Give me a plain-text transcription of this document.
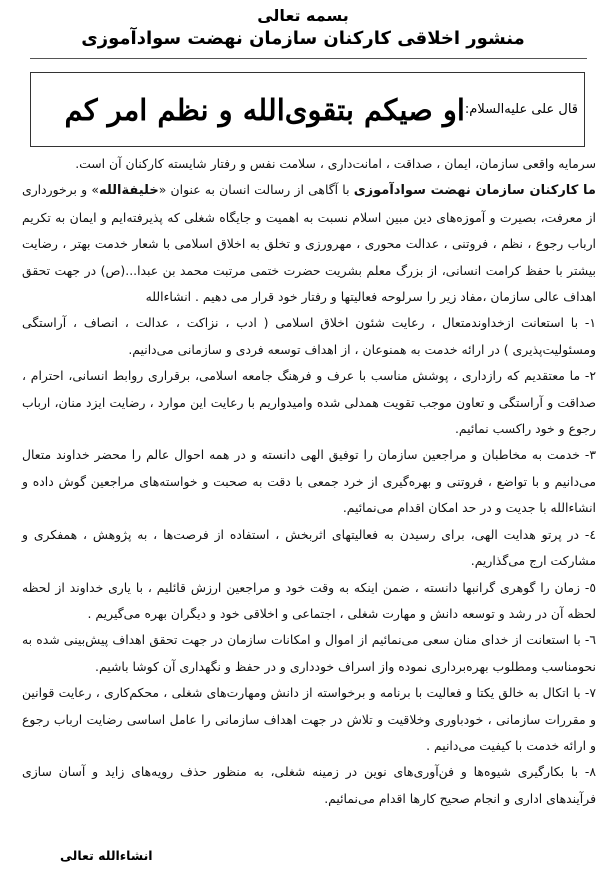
بسمه تعالی
منشور اخلاقی کارکنان سازمان نهضت سوادآموزی
قال علی علیه‌السلام:
او صیکم بتقوی‌الله و نظم امر کم

سرمایه واقعی سازمان، ایمان ، صداقت ، امانت‌داری ، سلامت نفس و رفتار شایسته کارکنان آن است.

ما کارکنان سازمان نهضت سوادآموزی با آگاهی از رسالت انسان به عنوان «خلیفة‌الله» و برخورداری از معرفت، بصیرت و آموزه‌های دین مبین اسلام نسبت به اهمیت و جایگاه شغلی که پذیرفته‌ایم و ایمان به تکریم ارباب رجوع ، نظم ، فروتنی ، عدالت محوری ، مهرورزی و تخلق به اخلاق اسلامی با شعار خدمت بهتر ، رضایت بیشتر با حفظ کرامت انسانی، از بزرگ معلم بشریت حضرت ختمی مرتبت محمد بن عبدا...(ص) در جهت تحقق اهداف عالی سازمان ،مفاد زیر را سرلوحه فعالیتها و رفتار خود قرار می دهیم . انشاءالله

۱- با استعانت ازخداوندمتعال ، رعایت شئون اخلاق اسلامی ( ادب ، نزاکت ، عدالت ، انصاف ، آراستگی ومسئولیت‌پذیری ) در ارائه خدمت به همنوعان ، از اهداف توسعه فردی و سازمانی می‌دانیم.

۲- ما معتقدیم که رازداری ، پوشش مناسب با عرف و فرهنگ جامعه اسلامی، برقراری روابط انسانی، احترام ، صداقت و آراستگی و تعاون موجب تقویت همدلی شده وامیدواریم با رعایت این موارد ، رضایت ایزد منان، ارباب رجوع و خود راکسب نمائیم.

۳- خدمت به مخاطبان و مراجعین سازمان را توفیق الهی دانسته و در همه احوال عالم را محضر خداوند متعال می‌دانیم و با تواضع ، فروتنی و بهره‌گیری از خرد جمعی با دقت به صحبت و خواسته‌های مراجعین گوش داده و انشاءالله با جدیت و در حد امکان اقدام می‌نمائیم.

٤- در پرتو هدایت الهی، برای رسیدن به فعالیتهای اثربخش ، استفاده از فرصت‌ها ، به پژوهش ، همفکری و مشارکت ارج می‌گذاریم.

٥- زمان را گوهری گرانبها دانسته ، ضمن اینکه به وقت خود و مراجعین ارزش قائلیم ، با یاری خداوند از لحظه لحظه آن در رشد و توسعه دانش و مهارت شغلی ، اجتماعی و اخلاقی خود و دیگران بهره می‌گیریم .

٦- با استعانت از خدای منان سعی می‌نمائیم از اموال و امکانات سازمان در جهت تحقق اهداف پیش‌بینی شده به نحومناسب ومطلوب بهره‌برداری نموده واز اسراف خودداری و در حفظ و نگهداری آن کوشا باشیم.

۷- با اتکال به خالق یکتا و فعالیت با برنامه و برخواسته از دانش ومهارت‌های شغلی ، محکم‌کاری ، رعایت قوانین و مقررات سازمانی ، خودباوری وخلاقیت و تلاش در جهت اهداف سازمانی را عامل اساسی رضایت ارباب رجوع و ارائه خدمت با کیفیت می‌دانیم .

۸- با بکارگیری شیوه‌ها و فن‌آوری‌های نوین در زمینه شغلی، به منظور حذف رویه‌های زاید و آسان سازی فرآیندهای اداری و انجام صحیح کارها اقدام می‌نمائیم.

انشاءالله تعالی
